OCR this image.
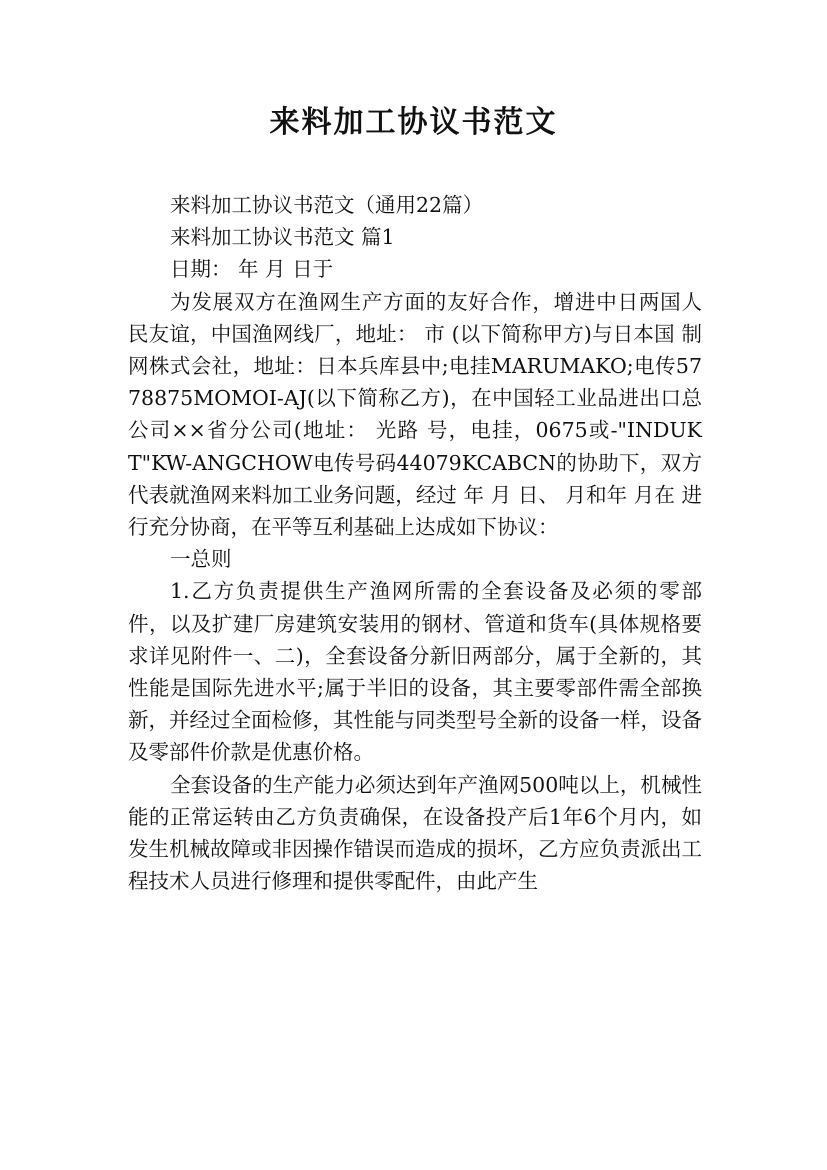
来料加工协议书范文

来料加工协议书范文（通用22篇）

来料加工协议书范文 篇1

日期： 年 月 日于

为发展双方在渔网生产方面的友好合作，增进中日两国人民友谊，中国渔网线厂，地址： 市 (以下简称甲方)与日本国 制网株式会社，地址：日本兵库县中;电挂MARUMAKO;电传5778875MOMOI-AJ(以下简称乙方)，在中国轻工业品进出口总公司××省分公司(地址： 光路 号，电挂，0675或-"INDUKT"KW-ANGCHOW电传号码44079KCABCN的协助下，双方代表就渔网来料加工业务问题，经过 年 月 日、 月和年 月在 进行充分协商，在平等互利基础上达成如下协议：

一总则

1.乙方负责提供生产渔网所需的全套设备及必须的零部件，以及扩建厂房建筑安装用的钢材、管道和货车(具体规格要求详见附件一、二)，全套设备分新旧两部分，属于全新的，其性能是国际先进水平;属于半旧的设备，其主要零部件需全部换新，并经过全面检修，其性能与同类型号全新的设备一样，设备及零部件价款是优惠价格。

全套设备的生产能力必须达到年产渔网500吨以上，机械性能的正常运转由乙方负责确保，在设备投产后1年6个月内，如发生机械故障或非因操作错误而造成的损坏，乙方应负责派出工程技术人员进行修理和提供零配件，由此产生
